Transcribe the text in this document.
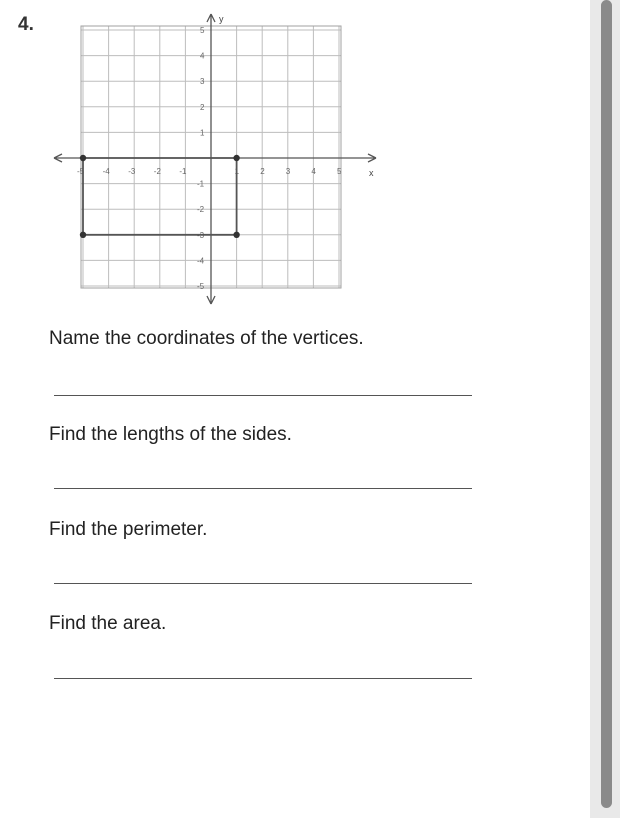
4.	y
x
-5 -4 -3 -2 -1	1	2	3	4	5
5
4
3
2
1
-1
-2
-3
-4
-5
Name the coordinates of the vertices.
Find the lengths of the sides.
Find the perimeter.
Find the area.
